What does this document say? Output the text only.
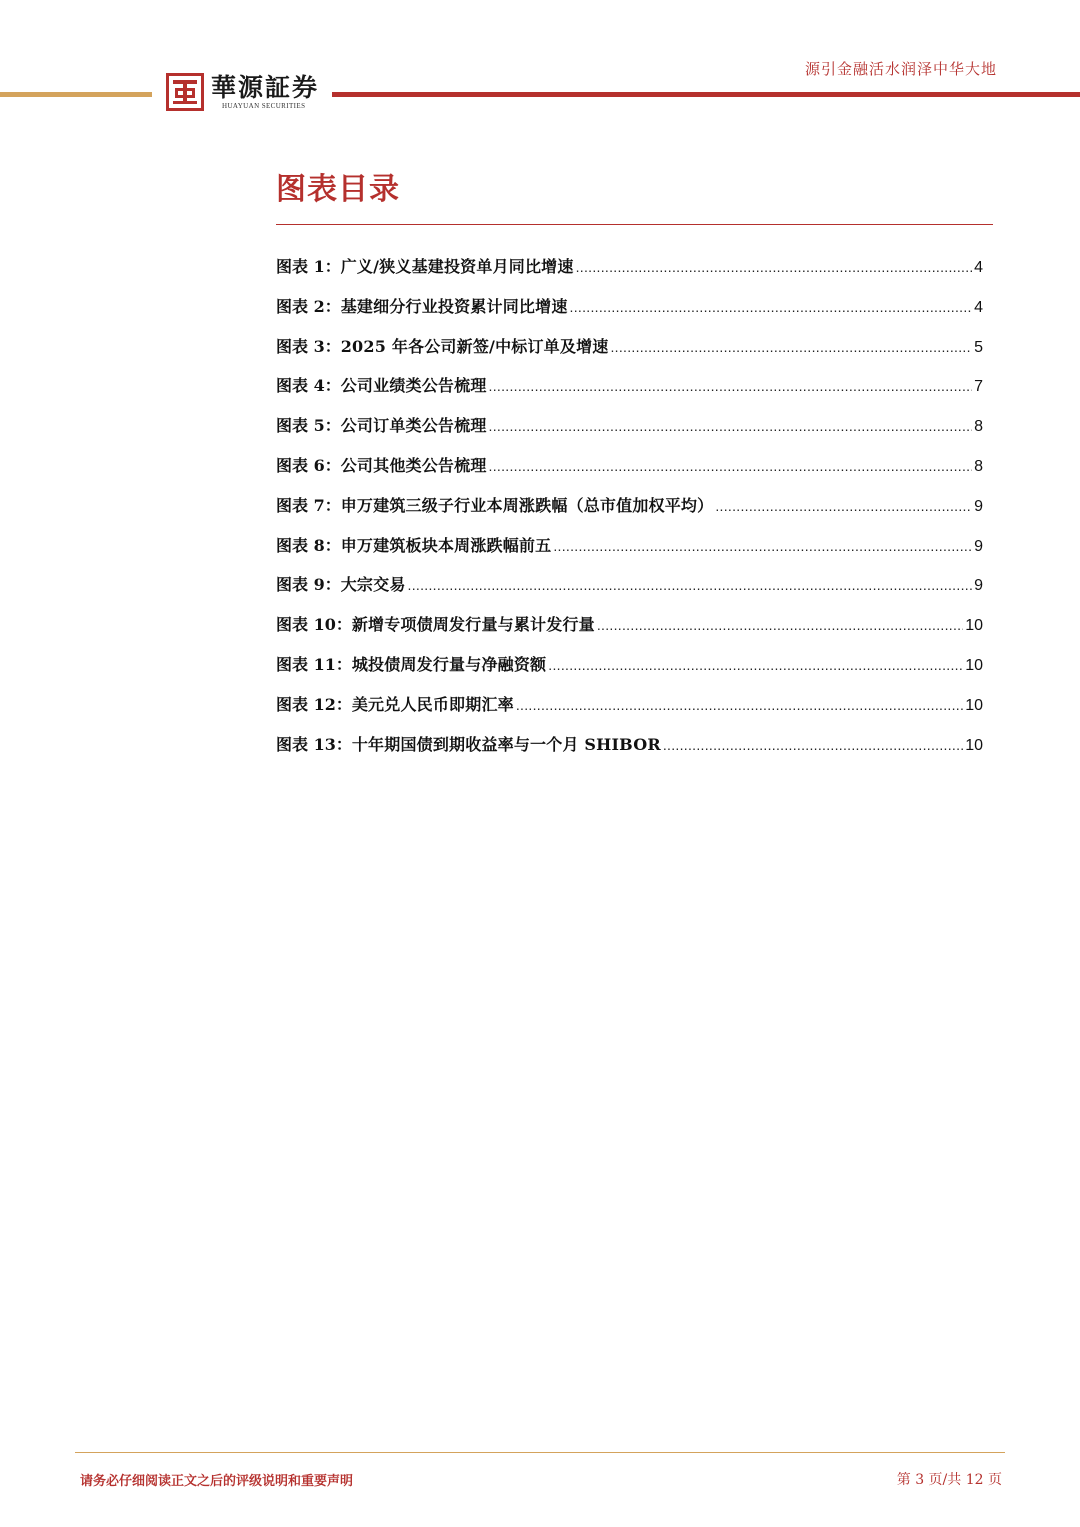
源引金融活水润泽中华大地
華源証券
HUAYUAN SECURITIES
图表目录
图表 1： 广义/狭义基建投资单月同比增速 .....	4
图表 2： 基建细分行业投资累计同比增速 .....	4
图表 3： 2025 年各公司新签/中标订单及增速 .....	5
图表 4： 公司业绩类公告梳理 .....	7
图表 5： 公司订单类公告梳理 .....	8
图表 6： 公司其他类公告梳理 .....	8
图表 7： 申万建筑三级子行业本周涨跌幅（总市值加权平均） .....	9
图表 8： 申万建筑板块本周涨跌幅前五 .....	9
图表 9： 大宗交易 .....	9
图表 10： 新增专项债周发行量与累计发行量 .....	10
图表 11： 城投债周发行量与净融资额 .....	10
图表 12： 美元兑人民币即期汇率 .....	10
图表 13： 十年期国债到期收益率与一个月 SHIBOR .....	10
请务必仔细阅读正文之后的评级说明和重要声明	第 3 页/共 12 页
